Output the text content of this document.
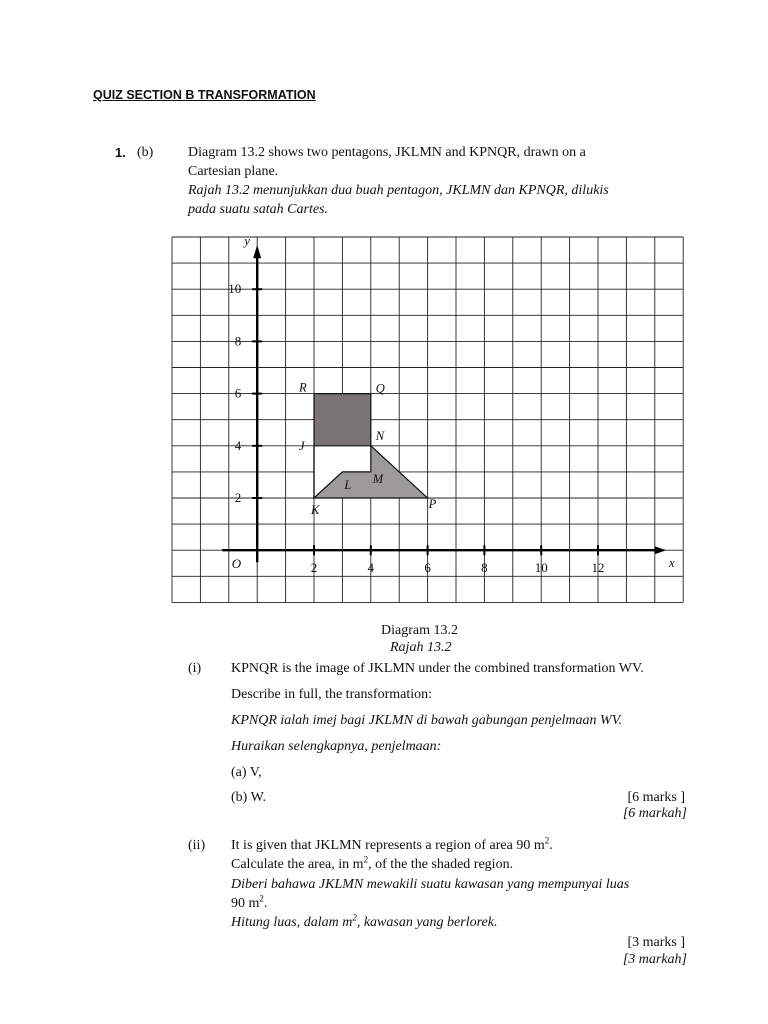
QUIZ SECTION B TRANSFORMATION
1. (b) Diagram 13.2 shows two pentagons, JKLMN and KPNQR, drawn on a
Cartesian plane.
Rajah 13.2 menunjukkan dua buah pentagon, JKLMN dan KPNQR, dilukis
pada suatu satah Cartes.
2	4	6	8	10	12
2
4
6
8
10
O	x
y
R	Q
N
J
M
L
K	P
Diagram 13.2
Rajah 13.2
(i) KPNQR is the image of JKLMN under the combined transformation WV.
Describe in full, the transformation:
KPNQR ialah imej bagi JKLMN di bawah gabungan penjelmaan WV.
Huraikan selengkapnya, penjelmaan:
(a) V,
(b) W.	[6 marks ]
[6 markah]
(ii) It is given that JKLMN represents a region of area 90 $m^2$.
Calculate the area, in $m^2$, of the the shaded region.
Diberi bahawa JKLMN mewakili suatu kawasan yang mempunyai luas
90 $m^2$.
Hitung luas, dalam $m^2$, kawasan yang berlorek.
[3 marks ]
[3 markah]
